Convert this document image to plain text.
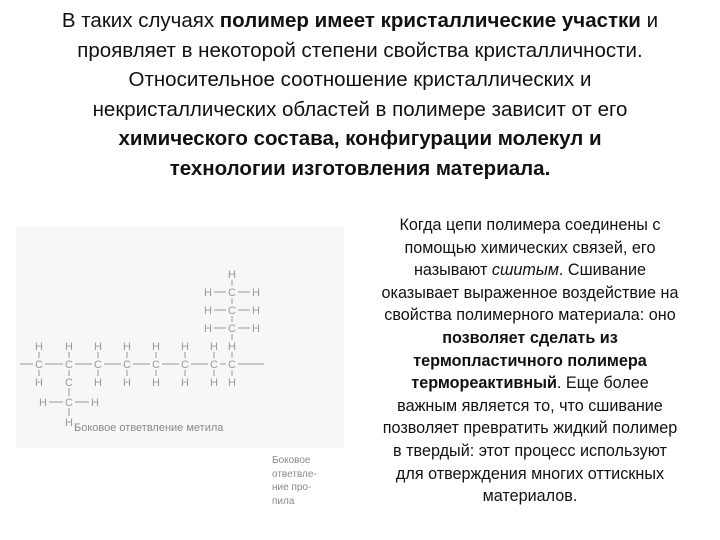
В таких случаях полимер имеет кристаллические участки и
проявляет в некоторой степени свойства кристалличности.
Относительное соотношение кристаллических и
некристаллических областей в полимере зависит от его
химического состава, конфигурации молекул и
технологии изготовления материала.
H
C
H
H
C
H
C
H
H
C
H
H
C
H
H
C
H
H
C
H
H
C
H
C
C
H	H
H
H
C
H	H
C
H	H
C
H	H
Боковое
ответвле-
ние про-
пила
Боковое ответвление метила
Когда цепи полимера соединены с
помощью химических связей, его
называют сшитым. Сшивание
оказывает выраженное воздействие на
свойства полимерного материала: оно
позволяет сделать из
термопластичного полимера
термореактивный. Еще более
важным является то, что сшивание
позволяет превратить жидкий полимер
в твердый: этот процесс используют
для отверждения многих оттискных
материалов.
